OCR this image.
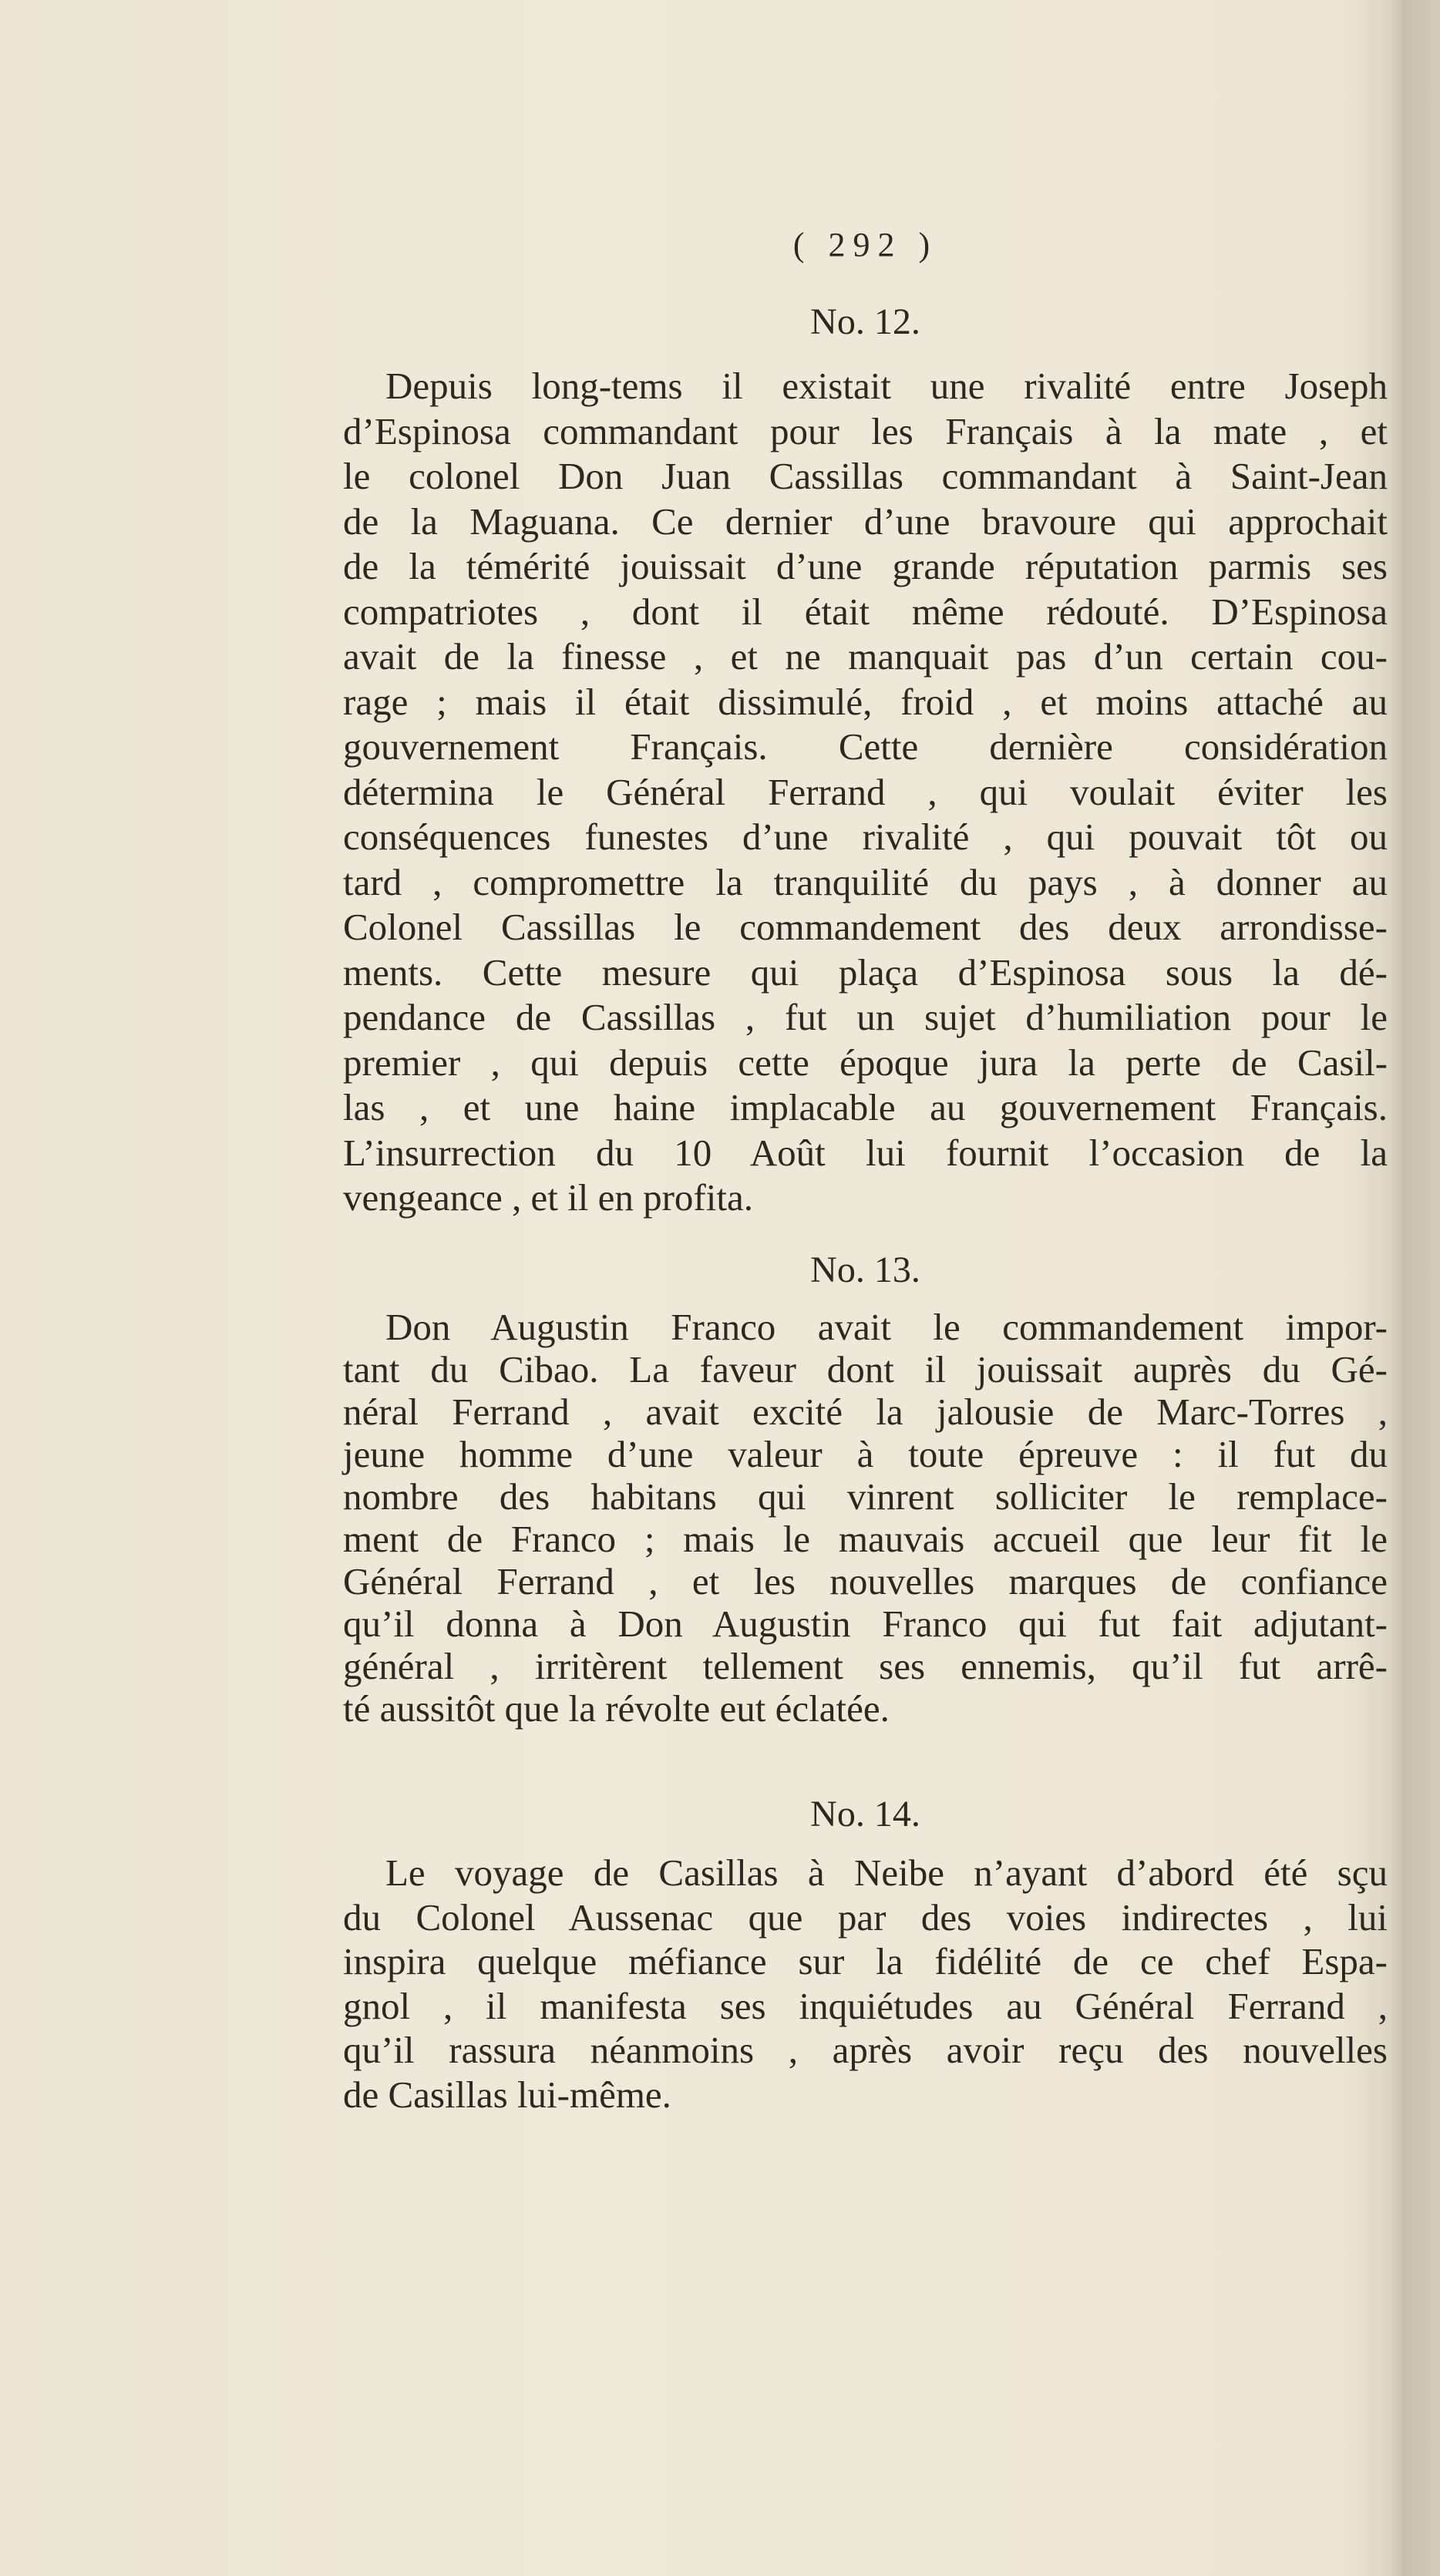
( 292 )
No. 12.
Depuis long-tems il existait une rivalité entre Joseph
d’Espinosa commandant pour les Français à la mate , et
le colonel Don Juan Cassillas commandant à Saint-Jean
de la Maguana. Ce dernier d’une bravoure qui approchait
de la témérité jouissait d’une grande réputation parmis ses
compatriotes , dont il était même rédouté. D’Espinosa
avait de la finesse , et ne manquait pas d’un certain cou-
rage ; mais il était dissimulé, froid , et moins attaché au
gouvernement Français. Cette dernière considération
détermina le Général Ferrand , qui voulait éviter les
conséquences funestes d’une rivalité , qui pouvait tôt ou
tard , compromettre la tranquilité du pays , à donner au
Colonel Cassillas le commandement des deux arrondisse-
ments. Cette mesure qui plaça d’Espinosa sous la dé-
pendance de Cassillas , fut un sujet d’humiliation pour le
premier , qui depuis cette époque jura la perte de Casil-
las , et une haine implacable au gouvernement Français.
L’insurrection du 10 Août lui fournit l’occasion de la
vengeance , et il en profita.
No. 13.
Don Augustin Franco avait le commandement impor-
tant du Cibao. La faveur dont il jouissait auprès du Gé-
néral Ferrand , avait excité la jalousie de Marc-Torres ,
jeune homme d’une valeur à toute épreuve : il fut du
nombre des habitans qui vinrent solliciter le remplace-
ment de Franco ; mais le mauvais accueil que leur fit le
Général Ferrand , et les nouvelles marques de confiance
qu’il donna à Don Augustin Franco qui fut fait adjutant-
général , irritèrent tellement ses ennemis, qu’il fut arrê-
té aussitôt que la révolte eut éclatée.
No. 14.
Le voyage de Casillas à Neibe n’ayant d’abord été sçu
du Colonel Aussenac que par des voies indirectes , lui
inspira quelque méfiance sur la fidélité de ce chef Espa-
gnol , il manifesta ses inquiétudes au Général Ferrand ,
qu’il rassura néanmoins , après avoir reçu des nouvelles
de Casillas lui-même.
